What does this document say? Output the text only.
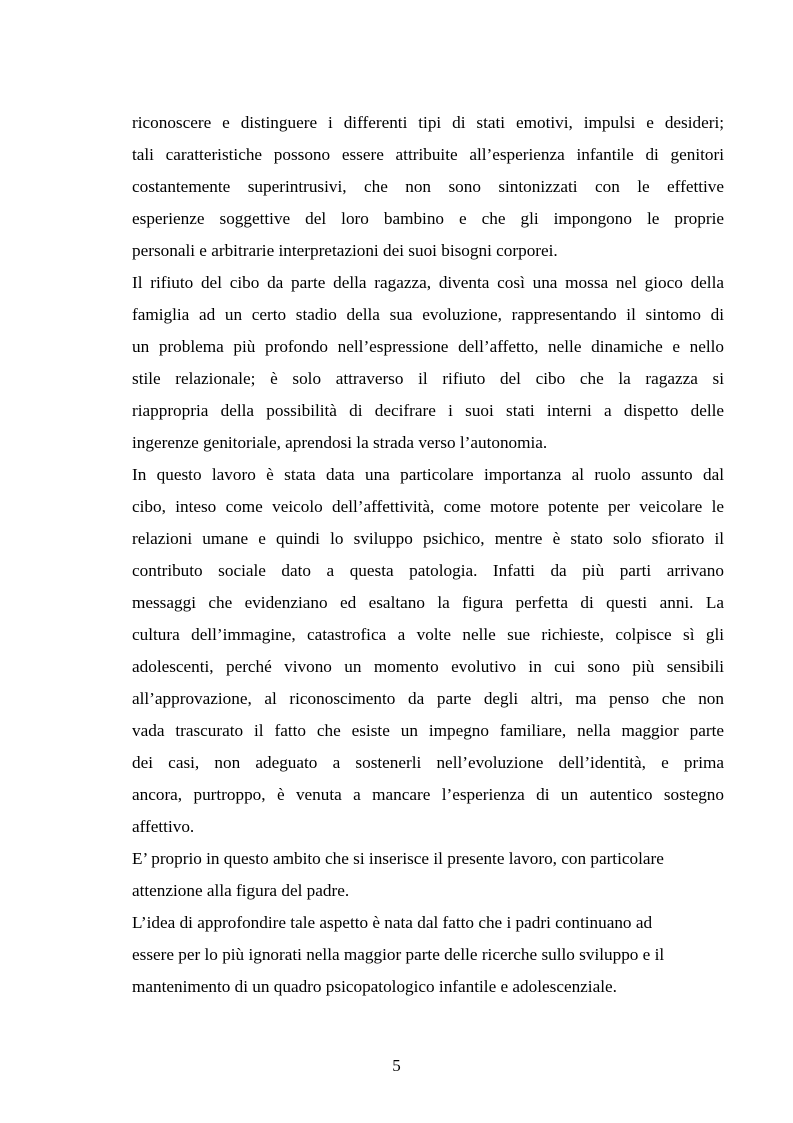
riconoscere e distinguere i differenti tipi di stati emotivi, impulsi e desideri;
tali caratteristiche possono essere attribuite all’esperienza infantile di genitori
costantemente superintrusivi, che non sono sintonizzati con le effettive
esperienze soggettive del loro bambino e che gli impongono le proprie
personali e arbitrarie interpretazioni dei suoi bisogni corporei.
Il rifiuto del cibo da parte della ragazza, diventa così una mossa nel gioco della
famiglia ad un certo stadio della sua evoluzione, rappresentando il sintomo di
un problema più profondo nell’espressione dell’affetto, nelle dinamiche e nello
stile relazionale; è solo attraverso il rifiuto del cibo che la ragazza si
riappropria della possibilità di decifrare i suoi stati interni a dispetto delle
ingerenze genitoriale, aprendosi la strada verso l’autonomia.
In questo lavoro è stata data una particolare importanza al ruolo assunto dal
cibo, inteso come veicolo dell’affettività, come motore potente per veicolare le
relazioni umane e quindi lo sviluppo psichico, mentre è stato solo sfiorato il
contributo sociale dato a questa patologia. Infatti da più parti arrivano
messaggi che evidenziano ed esaltano la figura perfetta di questi anni. La
cultura dell’immagine, catastrofica a volte nelle sue richieste, colpisce sì gli
adolescenti, perché vivono un momento evolutivo in cui sono più sensibili
all’approvazione, al riconoscimento da parte degli altri, ma penso che non
vada trascurato il fatto che esiste un impegno familiare, nella maggior parte
dei casi, non adeguato a sostenerli nell’evoluzione dell’identità, e prima
ancora, purtroppo, è venuta a mancare l’esperienza di un autentico sostegno
affettivo.
E’ proprio in questo ambito che si inserisce il presente lavoro, con particolare
attenzione alla figura del padre.
L’idea di approfondire tale aspetto è nata dal fatto che i padri continuano ad
essere per lo più ignorati nella maggior parte delle ricerche sullo sviluppo e il
mantenimento di un quadro psicopatologico infantile e adolescenziale.
5
